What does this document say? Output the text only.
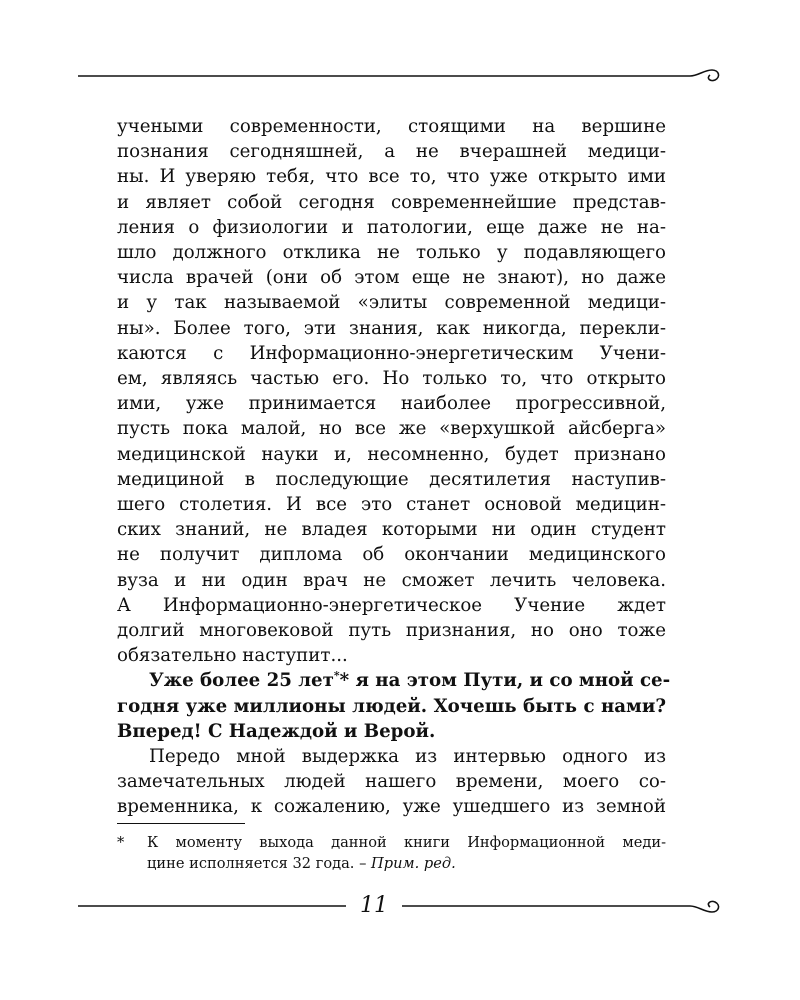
учеными современности, стоящими на вершине
познания сегодняшней, а не вчерашней медици-
ны. И уверяю тебя, что все то, что уже открыто ими
и являет собой сегодня современнейшие представ-
ления о физиологии и патологии, еще даже не на-
шло должного отклика не только у подавляющего
числа врачей (они об этом еще не знают), но даже
и у так называемой «элиты современной медици-
ны». Более того, эти знания, как никогда, перекли-
каются с Информационно-энергетическим Учени-
ем, являясь частью его. Но только то, что открыто
ими, уже принимается наиболее прогрессивной,
пусть пока малой, но все же «верхушкой айсберга»
медицинской науки и, несомненно, будет признано
медициной в последующие десятилетия наступив-
шего столетия. И все это станет основой медицин-
ских знаний, не владея которыми ни один студент
не получит диплома об окончании медицинского
вуза и ни один врач не сможет лечить человека.
А Информационно-энергетическое Учение ждет
долгий многовековой путь признания, но оно тоже
обязательно наступит...
Уже более 25 лет** я на этом Пути, и со мной се-
годня уже миллионы людей. Хочешь быть с нами?
Вперед! С Надеждой и Верой.
Передо мной выдержка из интервью одного из
замечательных людей нашего времени, моего со-
временника, к сожалению, уже ушедшего из земной
* К моменту выхода данной книги Информационной меди-
цине исполняется 32 года. – Прим. ред.
11
